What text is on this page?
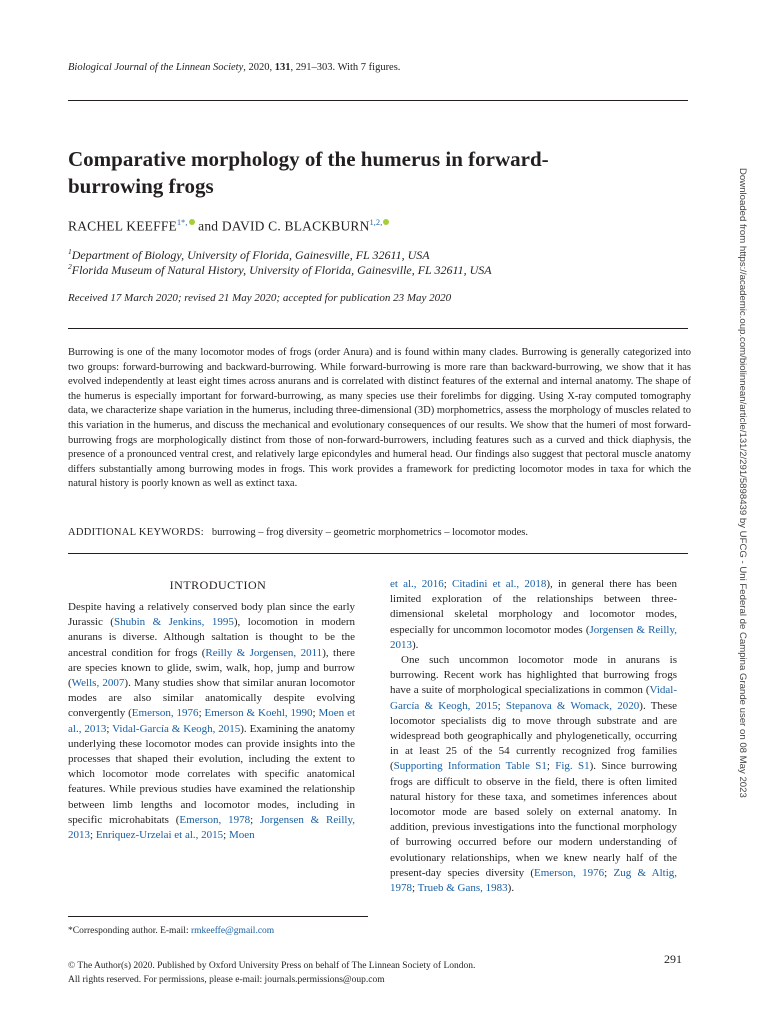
Biological Journal of the Linnean Society, 2020, 131, 291–303. With 7 figures.
Comparative morphology of the humerus in forward-burrowing frogs
RACHEL $KEEFFE^{1*,}$ and DAVID C. $BLACKBURN^{1,2,}$
$^1$Department of Biology, University of Florida, Gainesville, FL 32611, USA
$^2$Florida Museum of Natural History, University of Florida, Gainesville, FL 32611, USA
Received 17 March 2020; revised 21 May 2020; accepted for publication 23 May 2020
Burrowing is one of the many locomotor modes of frogs (order Anura) and is found within many clades. Burrowing is generally categorized into two groups: forward-burrowing and backward-burrowing. While forward-burrowing is more rare than backward-burrowing, we show that it has evolved independently at least eight times across anurans and is correlated with distinct features of the external and internal anatomy. The shape of the humerus is especially important for forward-burrowing, as many species use their forelimbs for digging. Using X-ray computed tomography data, we characterize shape variation in the humerus, including three-dimensional (3D) morphometrics, assess the morphology of muscles related to this variation in the humerus, and discuss the mechanical and evolutionary consequences of our results. We show that the humeri of most forward-burrowing frogs are morphologically distinct from those of non-forward-burrowers, including features such as a curved and thick diaphysis, the presence of a pronounced ventral crest, and relatively large epicondyles and humeral head. Our findings also suggest that pectoral muscle anatomy differs substantially among burrowing modes in frogs. This work provides a framework for predicting locomotor modes in taxa for which the natural history is poorly known as well as extinct taxa.
ADDITIONAL KEYWORDS: burrowing – frog diversity – geometric morphometrics – locomotor modes.
INTRODUCTION

Despite having a relatively conserved body plan since the early Jurassic (Shubin & Jenkins, 1995), locomotion in modern anurans is diverse. Although saltation is thought to be the ancestral condition for frogs (Reilly & Jorgensen, 2011), there are species known to glide, swim, walk, hop, jump and burrow (Wells, 2007). Many studies show that similar anuran locomotor modes are also similar anatomically despite evolving convergently (Emerson, 1976; Emerson & Koehl, 1990; Moen et al., 2013; Vidal-García & Keogh, 2015). Examining the anatomy underlying these locomotor modes can provide insights into the processes that shaped their evolution, including the extent to which locomotor mode correlates with specific anatomical features. While previous studies have examined the relationship between limb lengths and locomotor modes, including in specific microhabitats (Emerson, 1978; Jorgensen & Reilly, 2013; Enriquez-Urzelai et al., 2015; Moen

et al., 2016; Citadini et al., 2018), in general there has been limited exploration of the relationships between three-dimensional skeletal morphology and locomotor modes, especially for uncommon locomotor modes (Jorgensen & Reilly, 2013).

One such uncommon locomotor mode in anurans is burrowing. Recent work has highlighted that burrowing frogs have a suite of morphological specializations in common (Vidal-García & Keogh, 2015; Stepanova & Womack, 2020). These locomotor specialists dig to move through substrate and are widespread both geographically and phylogenetically, occurring in at least 25 of the 54 currently recognized frog families (Supporting Information Table S1; Fig. S1). Since burrowing frogs are difficult to observe in the field, there is often limited natural history for these taxa, and sometimes inferences about locomotor mode are based solely on external anatomy. In addition, previous investigations into the functional morphology of burrowing occurred before our modern understanding of evolutionary relationships, when we knew nearly half of the present-day species diversity (Emerson, 1976; Zug & Altig, 1978; Trueb & Gans, 1983).

*Corresponding author. E-mail: rmkeeffe@gmail.com
© The Author(s) 2020. Published by Oxford University Press on behalf of The Linnean Society of London.
All rights reserved. For permissions, please e-mail: journals.permissions@oup.com
291
Downloaded from https://academic.oup.com/biolinnean/article/131/2/291/5898439 by UFCG - Uni Federal de Campina Grande user on 08 May 2023
